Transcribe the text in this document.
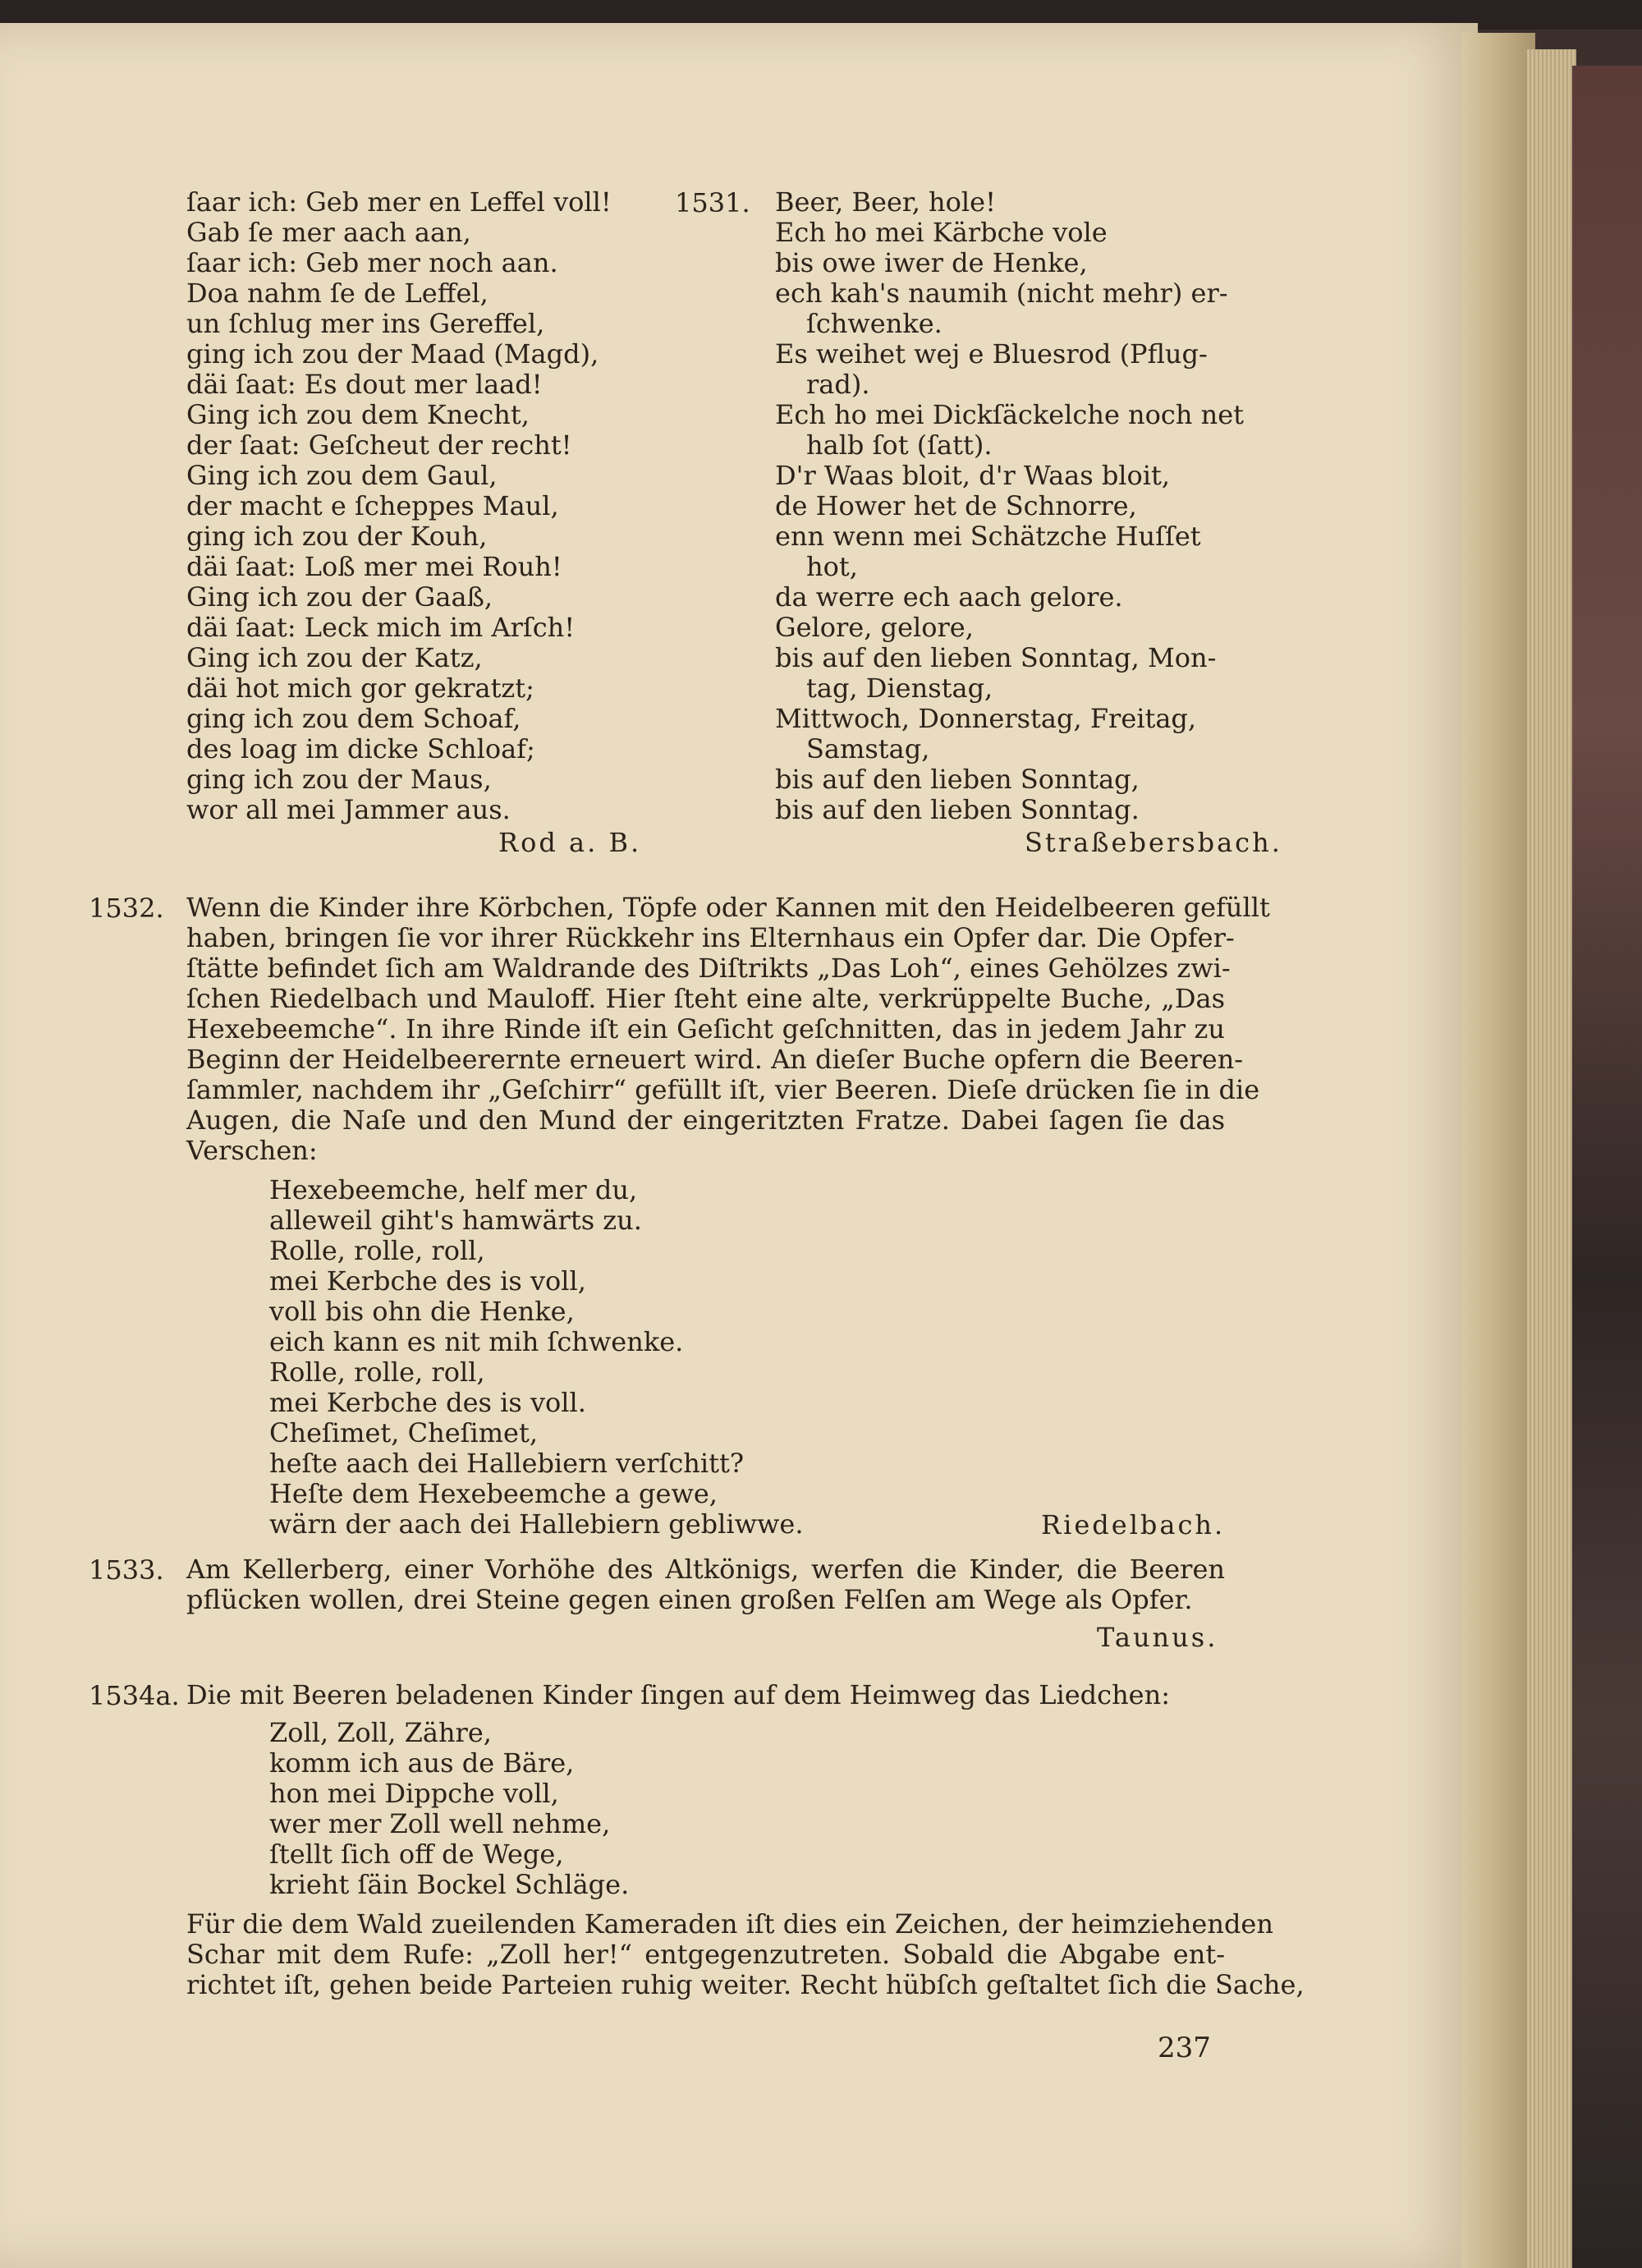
ſaar ich: Geb mer en Leffel voll!
Gab ſe mer aach aan,
ſaar ich: Geb mer noch aan.
Doa nahm ſe de Leffel,
un ſchlug mer ins Gereffel,
ging ich zou der Maad (Magd),
däi ſaat: Es dout mer laad!
Ging ich zou dem Knecht,
der ſaat: Geſcheut der recht!
Ging ich zou dem Gaul,
der macht e ſcheppes Maul,
ging ich zou der Kouh,
däi ſaat: Loß mer mei Rouh!
Ging ich zou der Gaaß,
däi ſaat: Leck mich im Arſch!
Ging ich zou der Katz,
däi hot mich gor gekratzt;
ging ich zou dem Schoaf,
des loag im dicke Schloaf;
ging ich zou der Maus,
wor all mei Jammer aus.
Rod a. B.
1531. Beer, Beer, hole!
Ech ho mei Kärbche vole
bis owe iwer de Henke,
ech kah's naumih (nicht mehr) er-
ſchwenke.
Es weihet wej e Bluesrod (Pflug-
rad).
Ech ho mei Dickſäckelche noch net
halb ſot (ſatt).
D'r Waas bloit, d'r Waas bloit,
de Hower het de Schnorre,
enn wenn mei Schätzche Huſſet
hot,
da werre ech aach gelore.
Gelore, gelore,
bis auf den lieben Sonntag, Mon-
tag, Dienstag,
Mittwoch, Donnerstag, Freitag,
Samstag,
bis auf den lieben Sonntag,
bis auf den lieben Sonntag.
Straßebersbach.
1532. Wenn die Kinder ihre Körbchen, Töpfe oder Kannen mit den Heidelbeeren gefüllt
haben, bringen ſie vor ihrer Rückkehr ins Elternhaus ein Opfer dar. Die Opfer-
ſtätte befindet ſich am Waldrande des Diſtrikts „Das Loh“, eines Gehölzes zwi-
ſchen Riedelbach und Mauloff. Hier ſteht eine alte, verkrüppelte Buche, „Das
Hexebeemche“. In ihre Rinde iſt ein Geſicht geſchnitten, das in jedem Jahr zu
Beginn der Heidelbeerernte erneuert wird. An dieſer Buche opfern die Beeren-
ſammler, nachdem ihr „Geſchirr“ gefüllt iſt, vier Beeren. Dieſe drücken ſie in die
Augen, die Naſe und den Mund der eingeritzten Fratze. Dabei ſagen ſie das
Verschen:
Hexebeemche, helf mer du,
alleweil giht's hamwärts zu.
Rolle, rolle, roll,
mei Kerbche des is voll,
voll bis ohn die Henke,
eich kann es nit mih ſchwenke.
Rolle, rolle, roll,
mei Kerbche des is voll.
Cheſimet, Cheſimet,
heſte aach dei Hallebiern verſchitt?
Heſte dem Hexebeemche a gewe,
wärn der aach dei Hallebiern gebliwwe.	Riedelbach.
1533. Am Kellerberg, einer Vorhöhe des Altkönigs, werfen die Kinder, die Beeren
pflücken wollen, drei Steine gegen einen großen Felſen am Wege als Opfer.
Taunus.
1534a. Die mit Beeren beladenen Kinder ſingen auf dem Heimweg das Liedchen:
Zoll, Zoll, Zähre,
komm ich aus de Bäre,
hon mei Dippche voll,
wer mer Zoll well nehme,
ſtellt ſich off de Wege,
krieht ſäin Bockel Schläge.
Für die dem Wald zueilenden Kameraden iſt dies ein Zeichen, der heimziehenden
Schar mit dem Rufe: „Zoll her!“ entgegenzutreten. Sobald die Abgabe ent-
richtet iſt, gehen beide Parteien ruhig weiter. Recht hübſch geſtaltet ſich die Sache,
237
